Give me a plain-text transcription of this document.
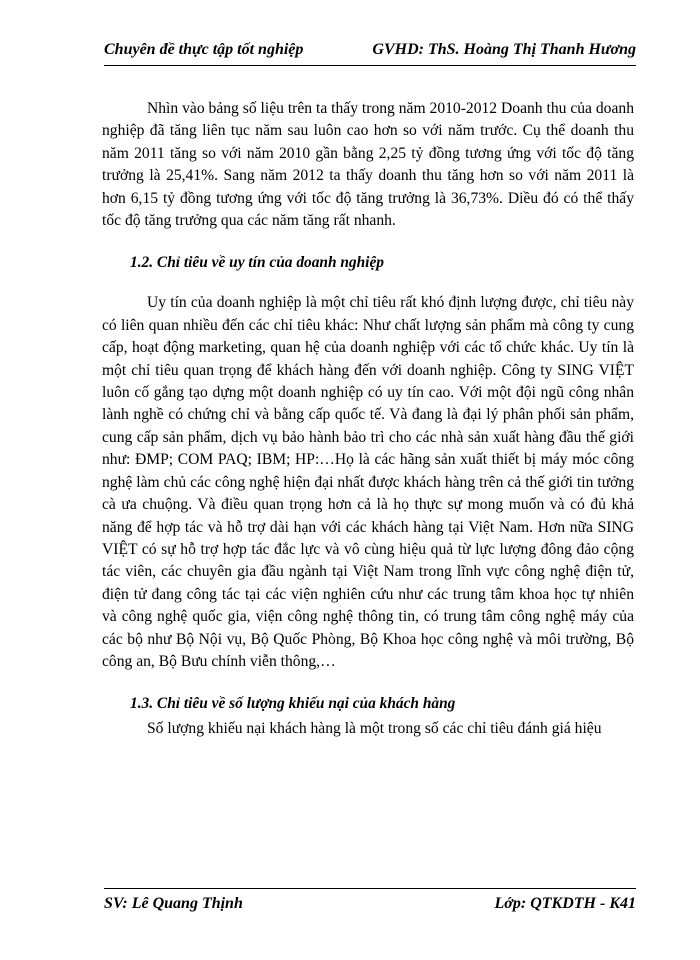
Chuyên đề thực tập tốt nghiệp	GVHD: ThS. Hoàng Thị Thanh Hương

Nhìn vào bảng số liệu trên ta thấy trong năm 2010-2012 Doanh thu của doanh nghiệp đã tăng liên tục năm sau luôn cao hơn so với năm trước. Cụ thể doanh thu năm 2011 tăng so với năm 2010 gần bằng 2,25 tỷ đồng tương ứng với tốc độ tăng trưởng là 25,41%. Sang năm 2012 ta thấy doanh thu tăng hơn so với năm 2011 là hơn 6,15 tỷ đồng tương ứng với tốc độ tăng trưởng là 36,73%. Diều đó có thể thấy tốc độ tăng trưởng qua các năm tăng rất nhanh.

1.2. Chỉ tiêu về uy tín của doanh nghiệp

Uy tín của doanh nghiệp là một chỉ tiêu rất khó định lượng được, chỉ tiêu này có liên quan nhiều đến các chỉ tiêu khác: Như chất lượng sản phẩm mà công ty cung cấp, hoạt động marketing, quan hệ của doanh nghiệp với các tổ chức khác. Uy tín là một chỉ tiêu quan trọng để khách hàng đến với doanh nghiệp. Công ty SING VIỆT luôn cố gắng tạo dựng một doanh nghiệp có uy tín cao. Với một đội ngũ công nhân lành nghề có chứng chỉ và bằng cấp quốc tế. Và đang là đại lý phân phối sản phẩm, cung cấp sản phẩm, dịch vụ bảo hành bảo trì cho các nhà sản xuất hàng đầu thế giới như: ĐMP; COM PAQ; IBM; HP:…Họ là các hãng sản xuất thiết bị máy móc công nghệ làm chủ các công nghệ hiện đại nhất được khách hàng trên cả thế giới tin tưởng cà ưa chuộng. Và điều quan trọng hơn cả là họ thực sự mong muốn và có đủ khả năng để hợp tác và hỗ trợ dài hạn với các khách hàng tại Việt Nam. Hơn nữa SING VIỆT có sự hỗ trợ hợp tác đắc lực và vô cùng hiệu quả từ lực lượng đông đảo cộng tác viên, các chuyên gia đầu ngành tại Việt Nam trong lĩnh vực công nghệ điện tử, điện tử đang công tác tại các viện nghiên cứu như các trung tâm khoa học tự nhiên và công nghệ quốc gia, viện công nghệ thông tin, có trung tâm công nghệ máy của các bộ như Bộ Nội vụ, Bộ Quốc Phòng, Bộ Khoa học công nghệ và môi trường, Bộ công an, Bộ Bưu chính viễn thông,…

1.3. Chỉ tiêu về số lượng khiếu nại của khách hàng

Số lượng khiếu nại khách hàng là một trong số các chỉ tiêu đánh giá hiệu

SV: Lê Quang Thịnh	Lớp: QTKDTH - K41
